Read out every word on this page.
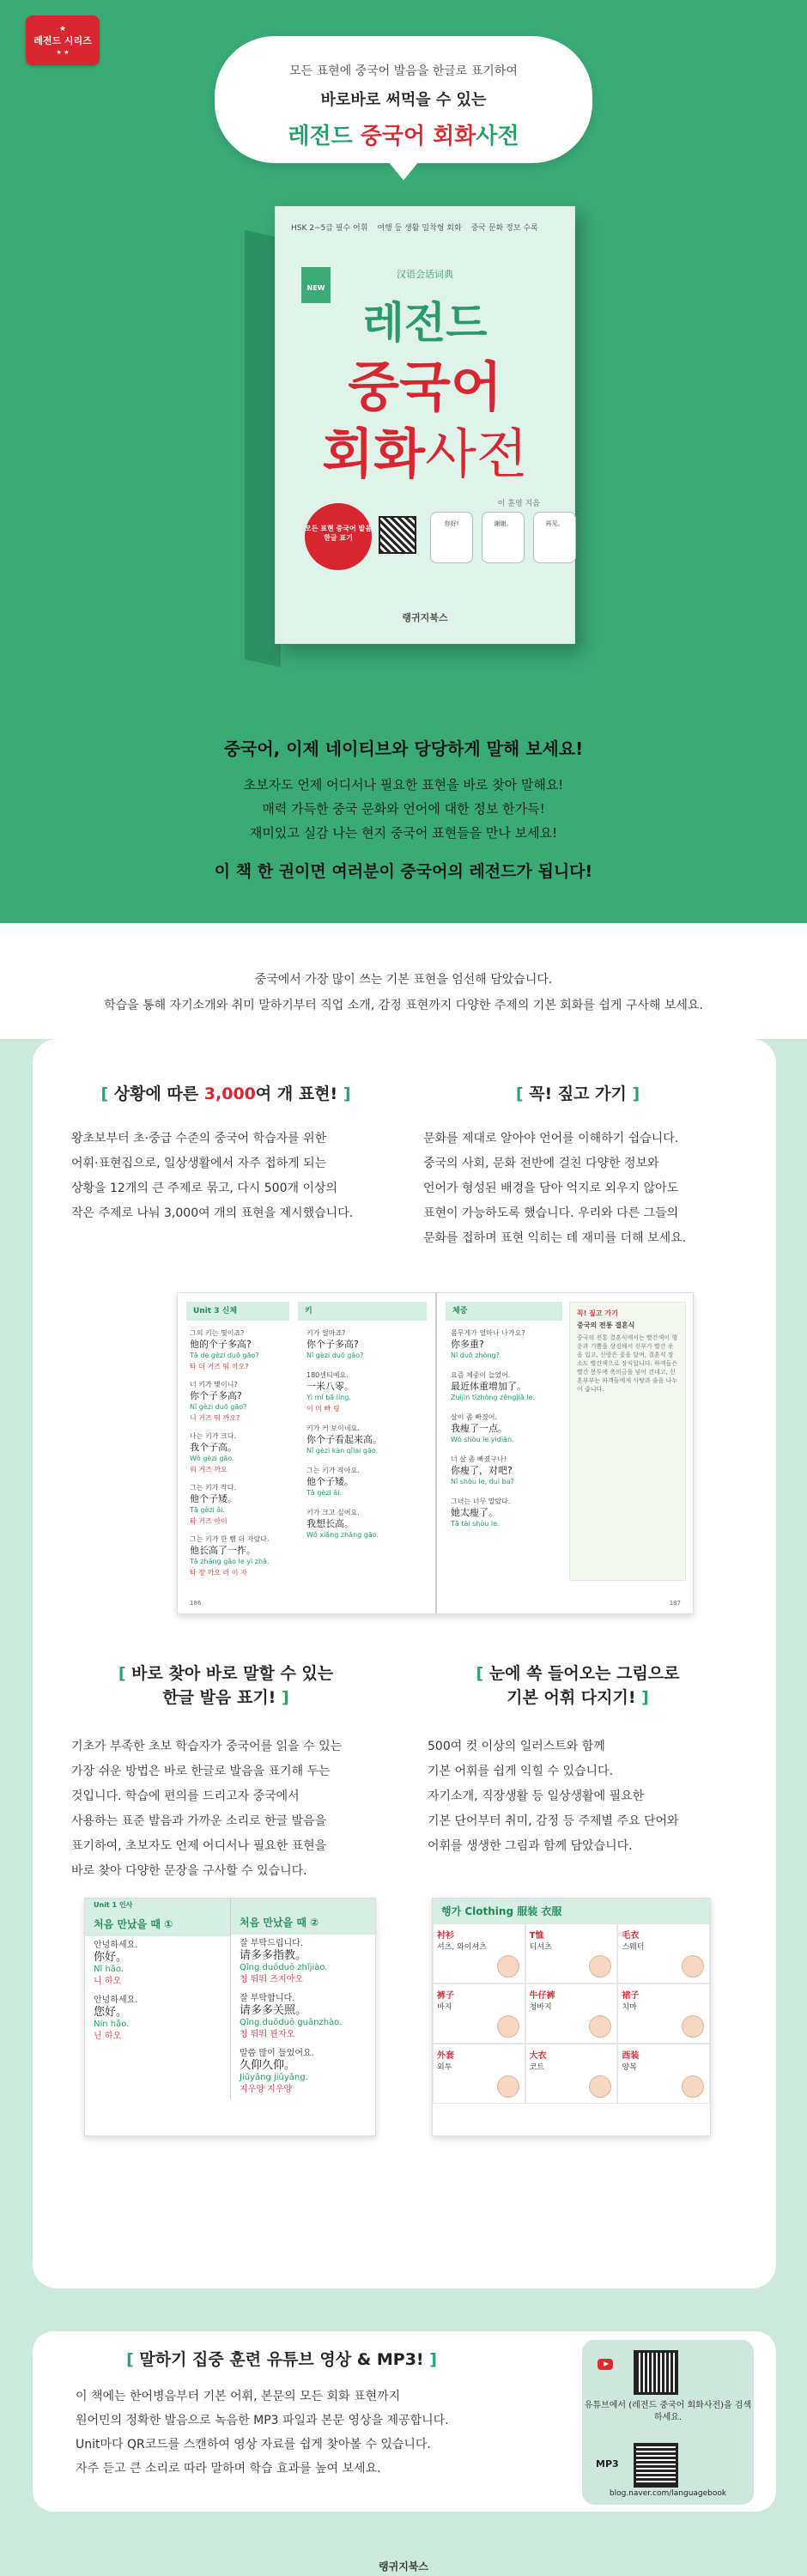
★
레전드 시리즈
★ ★
모든 표현에 중국어 발음을 한글로 표기하여
바로바로 써먹을 수 있는
레전드 중국어 회화사전
HSK 2~5급 필수 어휘 여행 등 생활 밀착형 회화 중국 문화 정보 수록
NEW
汉语会话词典
레전드
중국어
회화사전
이 훈영 지음
모든 표현 중국어 발음 한글 표기
你好!	谢谢。	再见。
랭귀지북스
중국어, 이제 네이티브와 당당하게 말해 보세요!
초보자도 언제 어디서나 필요한 표현을 바로 찾아 말해요!
매력 가득한 중국 문화와 언어에 대한 정보 한가득!
재미있고 실감 나는 현지 중국어 표현들을 만나 보세요!
이 책 한 권이면 여러분이 중국어의 레전드가 됩니다!
중국에서 가장 많이 쓰는 기본 표현을 엄선해 담았습니다.
학습을 통해 자기소개와 취미 말하기부터 직업 소개, 감정 표현까지 다양한 주제의 기본 회화를 쉽게 구사해 보세요.
[ 상황에 따른 3,000여 개 표현! ]
왕초보부터 초·중급 수준의 중국어 학습자를 위한
어휘·표현집으로, 일상생활에서 자주 접하게 되는
상황을 12개의 큰 주제로 묶고, 다시 500개 이상의
작은 주제로 나눠 3,000여 개의 표현을 제시했습니다.
[ 꼭! 짚고 가기 ]
문화를 제대로 알아야 언어를 이해하기 쉽습니다.
중국의 사회, 문화 전반에 걸친 다양한 정보와
언어가 형성된 배경을 담아 억지로 외우지 않아도
표현이 가능하도록 했습니다. 우리와 다른 그들의
문화를 접하며 표현 익히는 데 재미를 더해 보세요.
Unit 3 신체	키	체중
그의 키는 몇이죠?
他的个子多高?
Tā de gèzi duō gāo?
타 더 거즈 뚸 까오?
너 키가 몇이니?
你个子多高?
Nǐ gèzi duō gāo?
니 거즈 뚸 까오?
나는 키가 크다.
我个子高。
Wǒ gèzi gāo.
워 거즈 까오
그는 키가 작다.
他个子矮。
Tā gèzi ǎi.
타 거즈 아이
그는 키가 한 뼘 더 자랐다.
他长高了一拃。
Tā zhǎng gāo le yì zhǎ.
타 장 까오 러 이 자
키가 얼마죠?
你个子多高?
Nǐ gèzi duō gāo?
180센티예요.
一米八零。
Yì mǐ bā líng.
이 미 빠 링
키가 커 보이네요.
你个子看起来高。
Nǐ gèzi kàn qǐlai gāo.
그는 키가 작아요.
他个子矮。
Tā gèzi ǎi.
키가 크고 싶어요.
我想长高。
Wǒ xiǎng zhǎng gāo.
몸무게가 얼마나 나가요?
你多重?
Nǐ duō zhòng?
요즘 체중이 늘었어.
最近体重增加了。
Zuìjìn tǐzhòng zēngjiā le.
살이 좀 빠졌어.
我瘦了一点。
Wǒ shòu le yìdiǎn.
너 살 좀 빠졌구나!
你瘦了，对吧?
Nǐ shòu le, duì ba?
그녀는 너무 말랐다.
她太瘦了。
Tā tài shòu le.
꼭! 짚고 가기
중국의 전통 결혼식
중국의 전통 결혼식에서는 빨간색이 행운과 기쁨을 상징해서 신부가 빨간 옷을 입고, 신랑은 꽃을 달며, 결혼식 장소도 빨간색으로 장식합니다. 하객들은 빨간 봉투에 축의금을 넣어 건네고, 신혼부부는 하객들에게 사탕과 술을 나누어 줍니다.
186	187
[ 바로 찾아 바로 말할 수 있는
한글 발음 표기! ]
기초가 부족한 초보 학습자가 중국어를 읽을 수 있는
가장 쉬운 방법은 바로 한글로 발음을 표기해 두는
것입니다. 학습에 편의를 드리고자 중국에서
사용하는 표준 발음과 가까운 소리로 한글 발음을
표기하여, 초보자도 언제 어디서나 필요한 표현을
바로 찾아 다양한 문장을 구사할 수 있습니다.
[ 눈에 쏙 들어오는 그림으로
기본 어휘 다지기! ]
500여 컷 이상의 일러스트와 함께
기본 어휘를 쉽게 익힐 수 있습니다.
자기소개, 직장생활 등 일상생활에 필요한
기본 단어부터 취미, 감정 등 주제별 주요 단어와
어휘를 생생한 그림과 함께 담았습니다.
Unit 1 인사
처음 만났을 때 ①
안녕하세요.
你好。
Nǐ hǎo.
니 하오
안녕하세요.
您好。
Nín hǎo.
닌 하오

처음 만났을 때 ②
잘 부탁드립니다.
请多多指教。
Qǐng duōduō zhǐjiào.
칭 뚸뚸 즈지아오
잘 부탁합니다.
请多多关照。
Qǐng duōduō guānzhào.
칭 뚸뚸 꽌자오
말씀 많이 들었어요.
久仰久仰。
Jiǔyǎng jiǔyǎng.
지우양 지우양
행가 Clothing 服装 衣服
衬衫
셔츠, 와이셔츠
T恤
티셔츠
毛衣
스웨터
裤子
바지
牛仔裤
청바지
裙子
치마
外套
외투
大衣
코트
西装
양복
[ 말하기 집중 훈련 유튜브 영상 & MP3! ]
이 책에는 한어병음부터 기본 어휘, 본문의 모든 회화 표현까지
원어민의 정확한 발음으로 녹음한 MP3 파일과 본문 영상을 제공합니다.
Unit마다 QR코드를 스캔하여 영상 자료를 쉽게 찾아볼 수 있습니다.
자주 듣고 큰 소리로 따라 말하며 학습 효과를 높여 보세요.
유튜브에서 (레전드 중국어 회화사전)을 검색하세요.
MP3
blog.naver.com/languagebook
랭귀지북스
